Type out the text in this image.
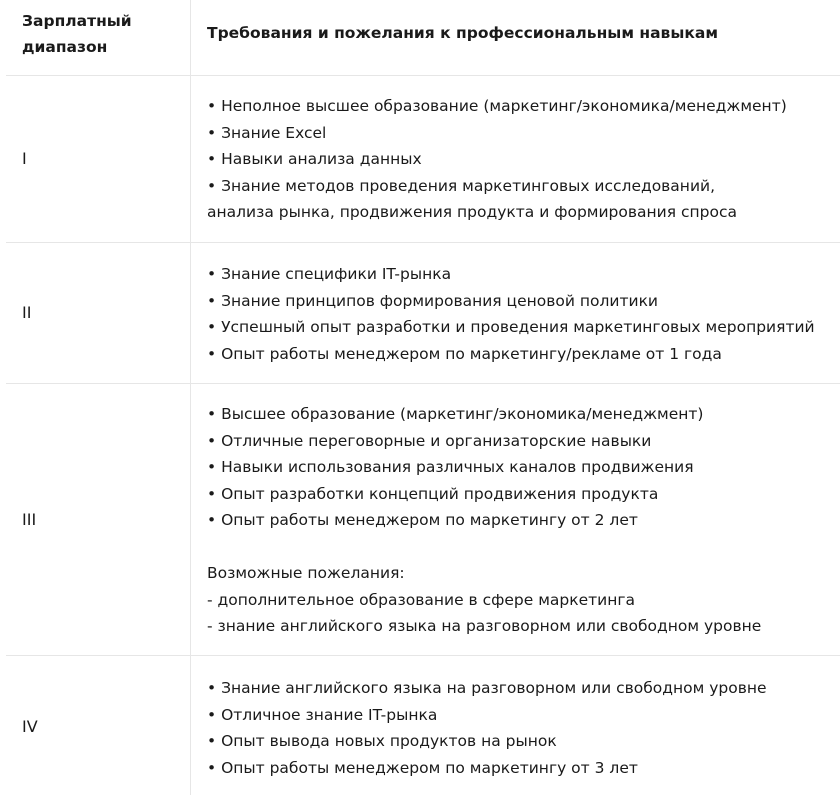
Зарплатный диапазон
Требования и пожелания к профессиональным навыкам
I
• Неполное высшее образование (маркетинг/экономика/менеджмент)
• Знание Excel
• Навыки анализа данных
• Знание методов проведения маркетинговых исследований, анализа рынка, продвижения продукта и формирования спроса
II
• Знание специфики IT-рынка
• Знание принципов формирования ценовой политики
• Успешный опыт разработки и проведения маркетинговых мероприятий
• Опыт работы менеджером по маркетингу/рекламе от 1 года
III
• Высшее образование (маркетинг/экономика/менеджмент)
• Отличные переговорные и организаторские навыки
• Навыки использования различных каналов продвижения
• Опыт разработки концепций продвижения продукта
• Опыт работы менеджером по маркетингу от 2 лет
Возможные пожелания:
- дополнительное образование в сфере маркетинга
- знание английского языка на разговорном или свободном уровне
IV
• Знание английского языка на разговорном или свободном уровне
• Отличное знание IT-рынка
• Опыт вывода новых продуктов на рынок
• Опыт работы менеджером по маркетингу от 3 лет
